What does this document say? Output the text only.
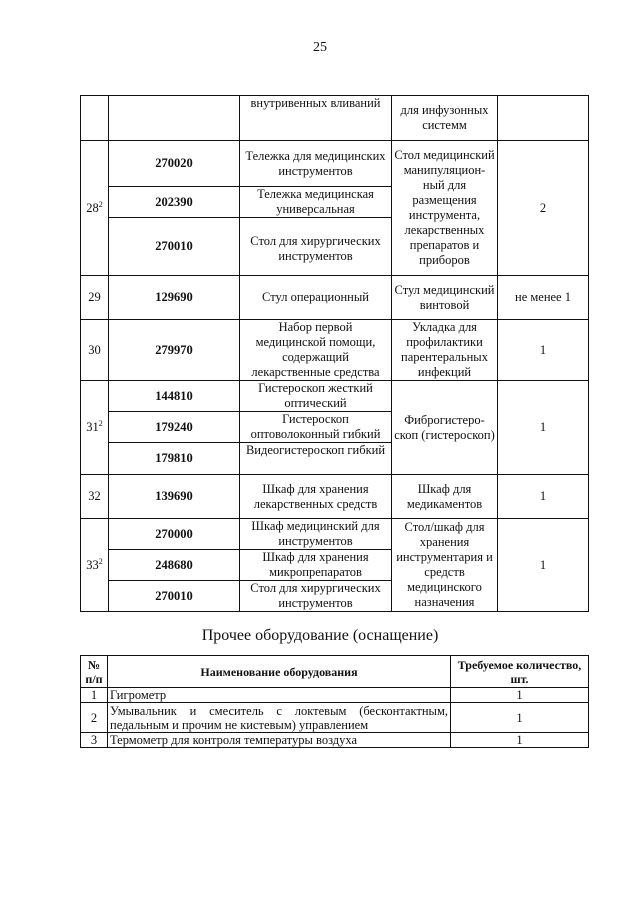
25
		внутривенных вливаний	для инфузонных системм	
$28^2$	270020	Тележка для медицинских инструментов	Стол медицинский манипуляцион-ный для размещения инструмента, лекарственных препаратов и приборов	2
	202390	Тележка медицинская универсальная		
	270010	Стол для хирургических инструментов		
29	129690	Стул операционный	Стул медицинский винтовой	не менее 1
30	279970	Набор первой медицинской помощи, содержащий лекарственные средства	Укладка для профилактики парентеральных инфекций	1
$31^2$	144810	Гистероскоп жесткий оптический	Фиброгистеро-скоп (гистероскоп)	1
	179240	Гистероскоп оптоволоконный гибкий		
	179810	Видеогистероскоп гибкий		
32	139690	Шкаф для хранения лекарственных средств	Шкаф для медикаментов	1
$33^2$	270000	Шкаф медицинский для инструментов	Стол/шкаф для хранения инструментария и средств медицинского назначения	1
	248680	Шкаф для хранения микропрепаратов		
	270010	Стол для хирургических инструментов		
Прочее оборудование (оснащение)
№ п/п	Наименование оборудования	Требуемое количество, шт.
1	Гигрометр	1
2	Умывальник и смеситель с локтевым (бесконтактным, педальным и прочим не кистевым) управлением	1
3	Термометр для контроля температуры воздуха	1
